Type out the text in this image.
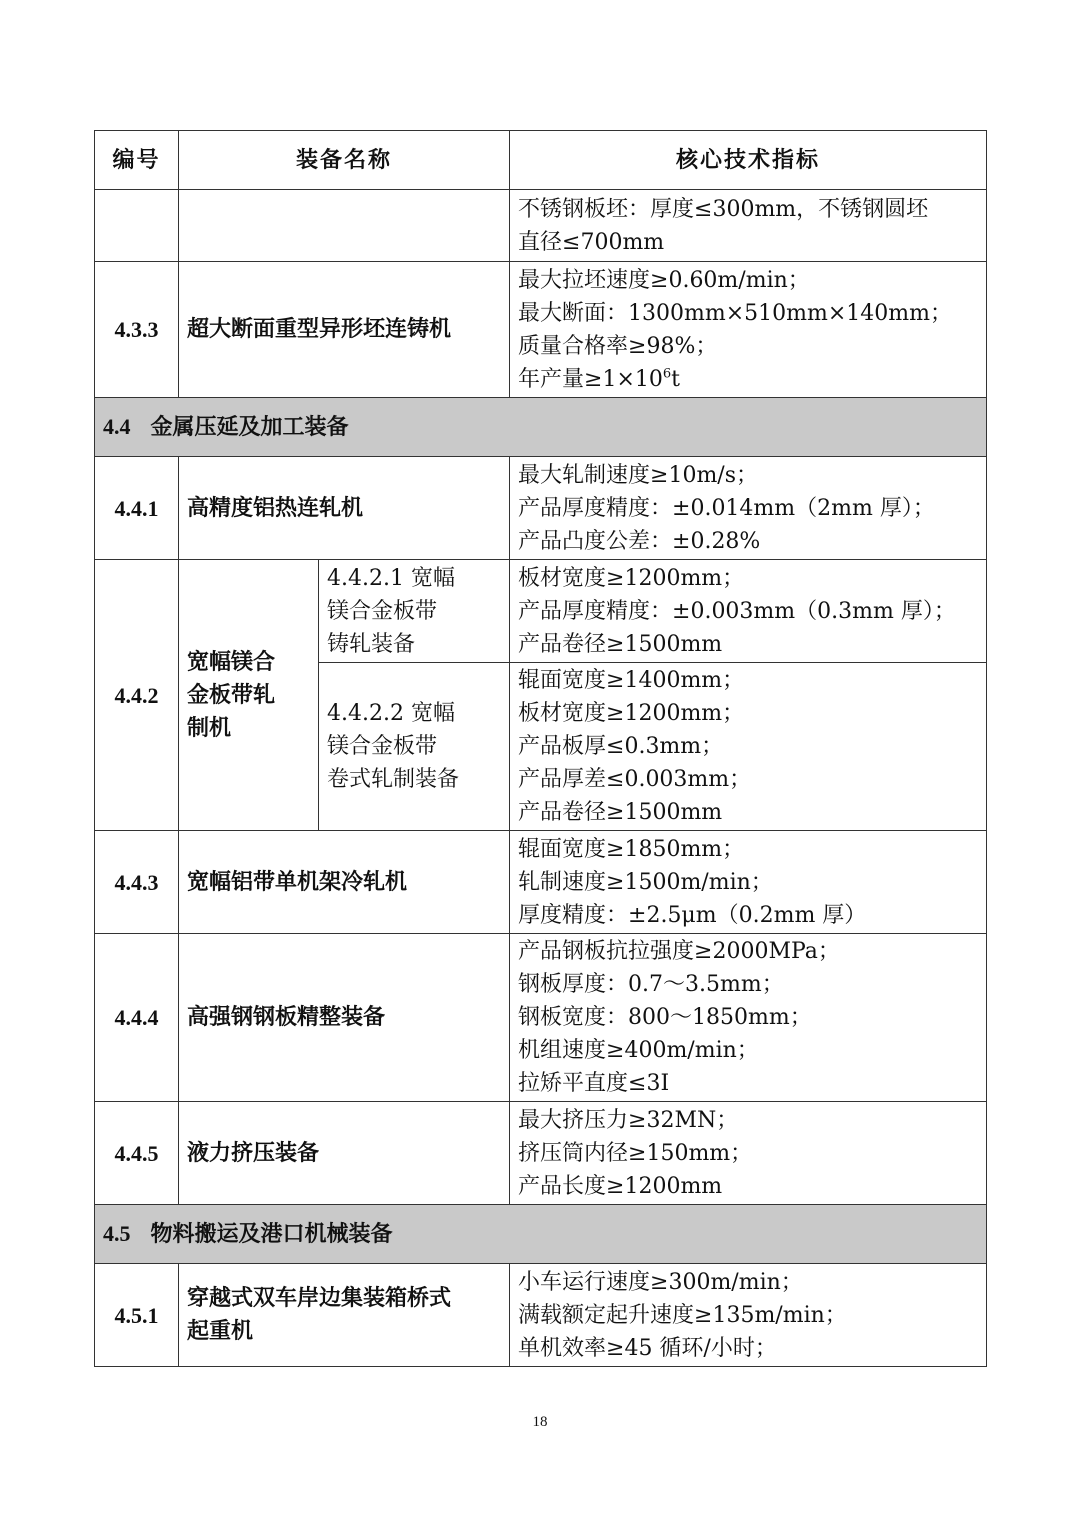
编号	装备名称		核心技术指标

			不锈钢板坯：厚度≤300mm，不锈钢圆坯
直径≤700mm

4.3.3	超大断面重型异形坯连铸机		最大拉坯速度≥0.60m/min；
最大断面：1300mm×510mm×140mm；
质量合格率≥98%；
年产量$\ge 1\times 10^6t$

4.4 金属压延及加工装备			
4.4.1	高精度铝热连轧机		最大轧制速度≥10m/s；
产品厚度精度：±0.014mm（2mm 厚）；
产品凸度公差：±0.28%

4.4.2	宽幅镁合
金板带轧
制机	4.4.2.1 宽幅
镁合金板带
铸轧装备	板材宽度≥1200mm；
产品厚度精度：±0.003mm（0.3mm 厚）；
产品卷径≥1500mm

		4.4.2.2 宽幅
镁合金板带
卷式轧制装备	辊面宽度≥1400mm；
板材宽度≥1200mm；
产品板厚≤0.3mm；
产品厚差≤0.003mm；
产品卷径≥1500mm

4.4.3	宽幅铝带单机架冷轧机		辊面宽度≥1850mm；
轧制速度≥1500m/min；
厚度精度：±2.5μm（0.2mm 厚）

4.4.4	高强钢钢板精整装备		产品钢板抗拉强度≥2000MPa；
钢板厚度：0.7～3.5mm；
钢板宽度：800～1850mm；
机组速度≥400m/min；
拉矫平直度≤3I

4.4.5	液力挤压装备		最大挤压力≥32MN；
挤压筒内径≥150mm；
产品长度≥1200mm

4.5 物料搬运及港口机械装备			
4.5.1	穿越式双车岸边集装箱桥式
起重机		小车运行速度≥300m/min；
满载额定起升速度≥135m/min；
单机效率≥45 循环/小时；
18
